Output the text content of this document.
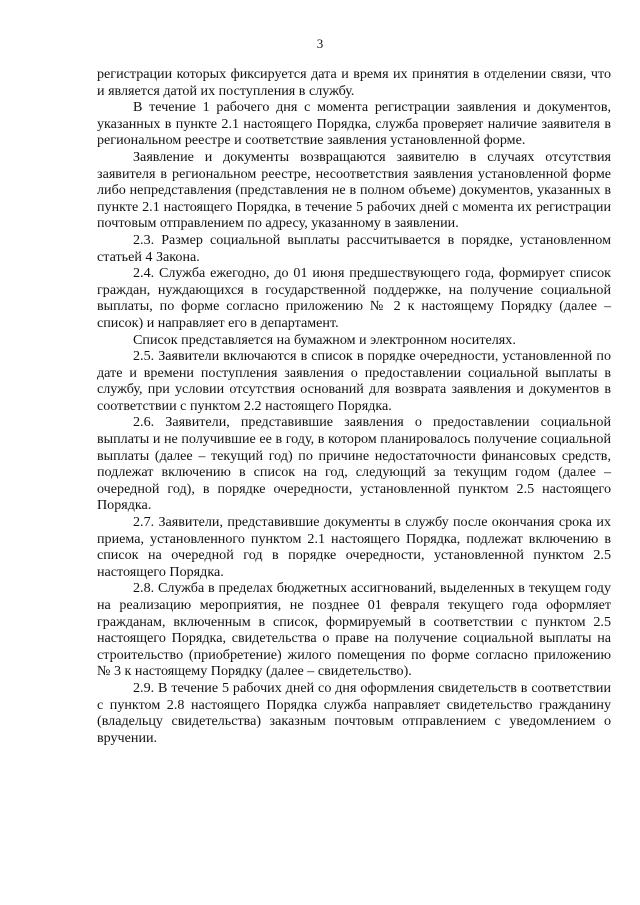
3

регистрации которых фиксируется дата и время их принятия в отделении связи, что и является датой их поступления в службу.

В течение 1 рабочего дня с момента регистрации заявления и документов, указанных в пункте 2.1 настоящего Порядка, служба проверяет наличие заявителя в региональном реестре и соответствие заявления установленной форме.

Заявление и документы возвращаются заявителю в случаях отсутствия заявителя в региональном реестре, несоответствия заявления установленной форме либо непредставления (представления не в полном объеме) документов, указанных в пункте 2.1 настоящего Порядка, в течение 5 рабочих дней с момента их регистрации почтовым отправлением по адресу, указанному в заявлении.

2.3. Размер социальной выплаты рассчитывается в порядке, установленном статьей 4 Закона.

2.4. Служба ежегодно, до 01 июня предшествующего года, формирует список граждан, нуждающихся в государственной поддержке, на получение социальной выплаты, по форме согласно приложению № 2 к настоящему Порядку (далее – список) и направляет его в департамент.

Список представляется на бумажном и электронном носителях.

2.5. Заявители включаются в список в порядке очередности, установленной по дате и времени поступления заявления о предоставлении социальной выплаты в службу, при условии отсутствия оснований для возврата заявления и документов в соответствии с пунктом 2.2 настоящего Порядка.

2.6. Заявители, представившие заявления о предоставлении социальной выплаты и не получившие ее в году, в котором планировалось получение социальной выплаты (далее – текущий год) по причине недостаточности финансовых средств, подлежат включению в список на год, следующий за текущим годом (далее – очередной год), в порядке очередности, установленной пунктом 2.5 настоящего Порядка.

2.7. Заявители, представившие документы в службу после окончания срока их приема, установленного пунктом 2.1 настоящего Порядка, подлежат включению в список на очередной год в порядке очередности, установленной пунктом 2.5 настоящего Порядка.

2.8. Служба в пределах бюджетных ассигнований, выделенных в текущем году на реализацию мероприятия, не позднее 01 февраля текущего года оформляет гражданам, включенным в список, формируемый в соответствии с пунктом 2.5 настоящего Порядка, свидетельства о праве на получение социальной выплаты на строительство (приобретение) жилого помещения по форме согласно приложению № 3 к настоящему Порядку (далее – свидетельство).

2.9. В течение 5 рабочих дней со дня оформления свидетельств в соответствии с пунктом 2.8 настоящего Порядка служба направляет свидетельство гражданину (владельцу свидетельства) заказным почтовым отправлением с уведомлением о вручении.
